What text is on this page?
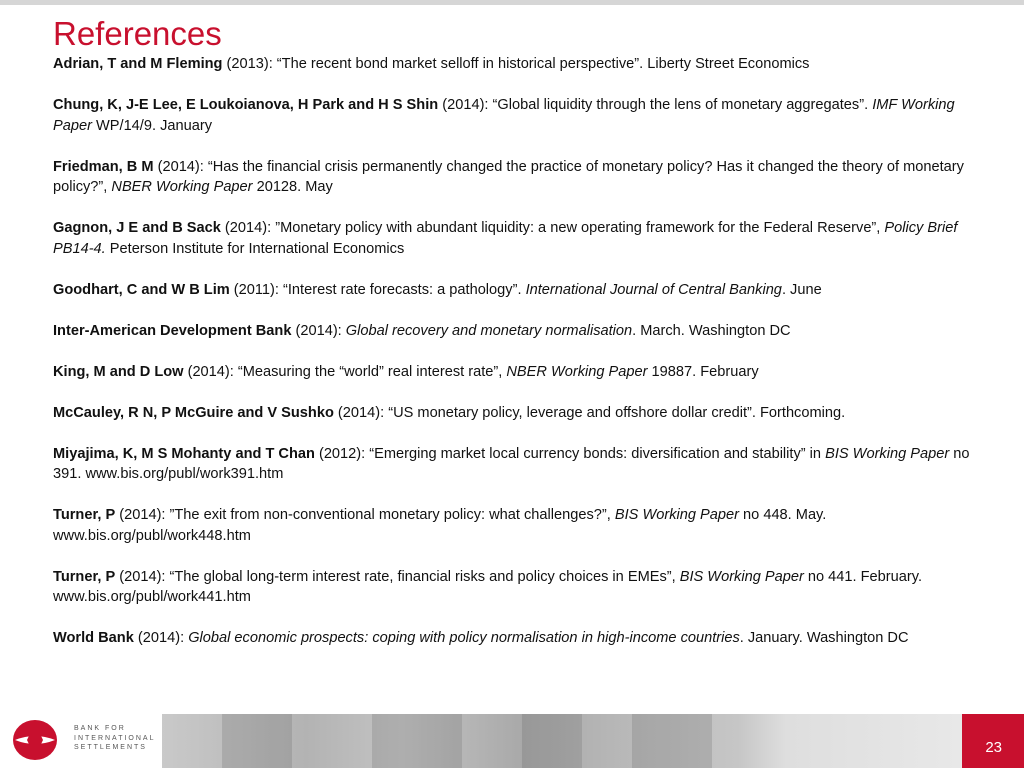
References

Adrian, T and M Fleming (2013): “The recent bond market selloff in historical perspective”. Liberty Street Economics

Chung, K, J-E Lee, E Loukoianova, H Park and H S Shin (2014): “Global liquidity through the lens of monetary aggregates”. IMF Working Paper WP/14/9. January

Friedman, B M (2014): “Has the financial crisis permanently changed the practice of monetary policy? Has it changed the theory of monetary policy?”, NBER Working Paper 20128. May

Gagnon, J E and B Sack (2014): ”Monetary policy with abundant liquidity: a new operating framework for the Federal Reserve”, Policy Brief PB14-4. Peterson Institute for International Economics

Goodhart, C and W B Lim (2011): “Interest rate forecasts: a pathology”. International Journal of Central Banking. June

Inter-American Development Bank (2014): Global recovery and monetary normalisation. March. Washington DC

King, M and D Low (2014): “Measuring the “world” real interest rate”, NBER Working Paper 19887. February

McCauley, R N, P McGuire and V Sushko (2014): “US monetary policy, leverage and offshore dollar credit”. Forthcoming.

Miyajima, K, M S Mohanty and T Chan (2012): “Emerging market local currency bonds: diversification and stability” in BIS Working Paper no 391. www.bis.org/publ/work391.htm

Turner, P (2014): ”The exit from non-conventional monetary policy: what challenges?”, BIS Working Paper no 448. May. www.bis.org/publ/work448.htm

Turner, P (2014): “The global long-term interest rate, financial risks and policy choices in EMEs”, BIS Working Paper no 441. February. www.bis.org/publ/work441.htm

World Bank (2014): Global economic prospects: coping with policy normalisation in high-income countries. January. Washington DC

BANK FOR
INTERNATIONAL
SETTLEMENTS	23
